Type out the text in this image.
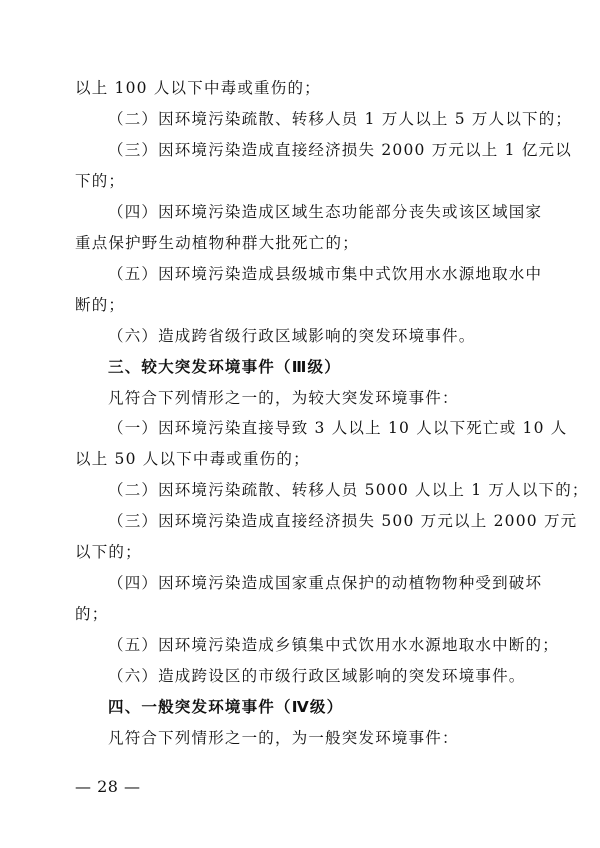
以上 100 人以下中毒或重伤的；
（二）因环境污染疏散、转移人员 1 万人以上 5 万人以下的；
（三）因环境污染造成直接经济损失 2000 万元以上 1 亿元以
下的；
（四）因环境污染造成区域生态功能部分丧失或该区域国家
重点保护野生动植物种群大批死亡的；
（五）因环境污染造成县级城市集中式饮用水水源地取水中
断的；
（六）造成跨省级行政区域影响的突发环境事件。
三、较大突发环境事件（Ⅲ级）
凡符合下列情形之一的，为较大突发环境事件：
（一）因环境污染直接导致 3 人以上 10 人以下死亡或 10 人
以上 50 人以下中毒或重伤的；
（二）因环境污染疏散、转移人员 5000 人以上 1 万人以下的；
（三）因环境污染造成直接经济损失 500 万元以上 2000 万元
以下的；
（四）因环境污染造成国家重点保护的动植物物种受到破坏
的；
（五）因环境污染造成乡镇集中式饮用水水源地取水中断的；
（六）造成跨设区的市级行政区域影响的突发环境事件。
四、一般突发环境事件（Ⅳ级）
凡符合下列情形之一的，为一般突发环境事件：
— 28 —
